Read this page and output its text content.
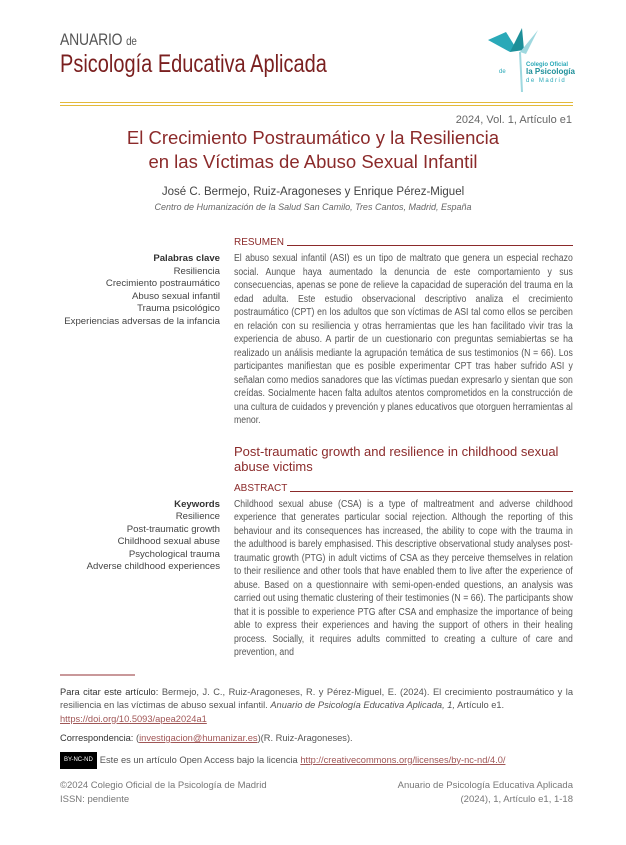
ANUARIO de
Psicología Educativa Aplicada	Colegio Oficial
de	la Psicología
de Madrid
2024, Vol. 1, Artículo e1
El Crecimiento Postraumático y la Resiliencia
en las Víctimas de Abuso Sexual Infantil
José C. Bermejo, Ruiz-Aragoneses y Enrique Pérez-Miguel
Centro de Humanización de la Salud San Camilo, Tres Cantos, Madrid, España
Palabras clave
Resiliencia
Crecimiento postraumático
Abuso sexual infantil
Trauma psicológico
Experiencias adversas de la infancia
RESUMEN
El abuso sexual infantil (ASI) es un tipo de maltrato que genera un especial rechazo social. Aunque haya aumentado la denuncia de este comportamiento y sus consecuencias, apenas se pone de relieve la capacidad de superación del trauma en la edad adulta. Este estudio observacional descriptivo analiza el crecimiento postraumático (CPT) en los adultos que son víctimas de ASI tal como ellos se perciben en relación con su resiliencia y otras herramientas que les han facilitado vivir tras la experiencia de abuso. A partir de un cuestionario con preguntas semiabiertas se ha realizado un análisis mediante la agrupación temática de sus testimonios (N = 66). Los participantes manifiestan que es posible experimentar CPT tras haber sufrido ASI y señalan como medios sanadores que las víctimas puedan expresarlo y sientan que son creídas. Socialmente hacen falta adultos atentos comprometidos en la construcción de una cultura de cuidados y prevención y planes educativos que otorguen herramientas al menor.
Post-traumatic growth and resilience in childhood sexual abuse victims
Keywords
Resilience
Post-traumatic growth
Childhood sexual abuse
Psychological trauma
Adverse childhood experiences
ABSTRACT
Childhood sexual abuse (CSA) is a type of maltreatment and adverse childhood experience that generates particular social rejection. Although the reporting of this behaviour and its consequences has increased, the ability to cope with the trauma in the adulthood is barely emphasised. This descriptive observational study analyses post-traumatic growth (PTG) in adult victims of CSA as they perceive themselves in relation to their resilience and other tools that have enabled them to live after the experience of abuse. Based on a questionnaire with semi-open-ended questions, an analysis was carried out using thematic clustering of their testimonies (N = 66). The participants show that it is possible to experience PTG after CSA and emphasize the importance of being able to express their experiences and having the support of others in their healing process. Socially, it requires adults committed to creating a culture of care and prevention, and
Para citar este artículo: Bermejo, J. C., Ruiz-Aragoneses, R. y Pérez-Miguel, E. (2024). El crecimiento postraumático y la resiliencia en las víctimas de abuso sexual infantil. Anuario de Psicología Educativa Aplicada, 1, Artículo e1.
https://doi.org/10.5093/apea2024a1
Correspondencia: (investigacion@humanizar.es)(R. Ruiz-Aragoneses).
BY-NC-ND Este es un artículo Open Access bajo la licencia http://creativecommons.org/licenses/by-nc-nd/4.0/
©2024 Colegio Oficial de la Psicología de Madrid
ISSN: pendiente
Anuario de Psicología Educativa Aplicada
(2024), 1, Artículo e1, 1-18
